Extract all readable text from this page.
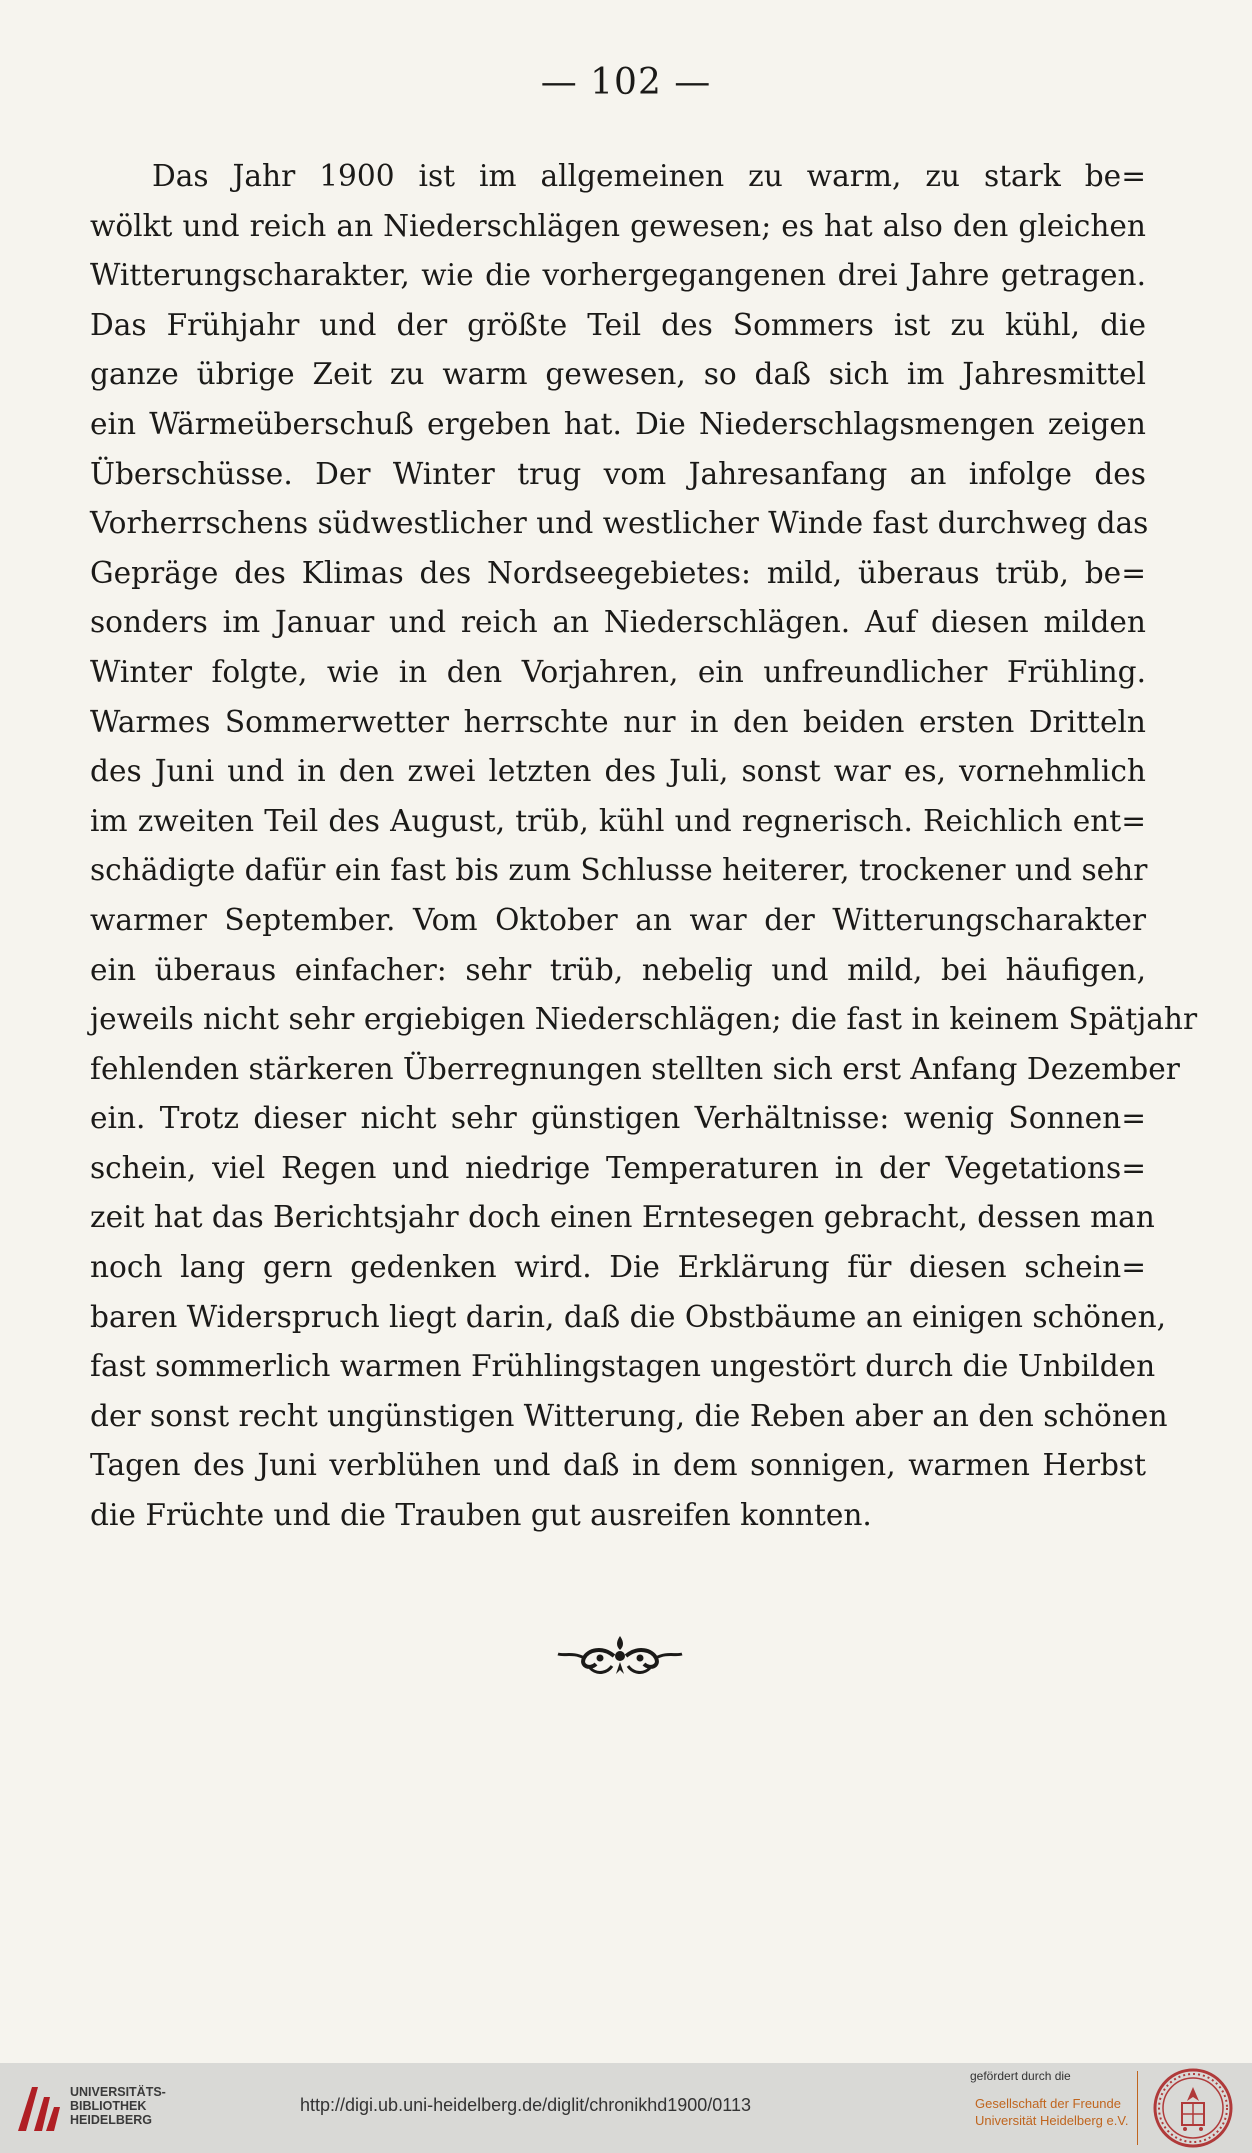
— 102 —
Das Jahr 1900 ist im allgemeinen zu warm, zu stark be=
wölkt und reich an Niederschlägen gewesen; es hat also den gleichen
Witterungscharakter, wie die vorhergegangenen drei Jahre getragen.
Das Frühjahr und der größte Teil des Sommers ist zu kühl, die
ganze übrige Zeit zu warm gewesen, so daß sich im Jahresmittel
ein Wärmeüberschuß ergeben hat. Die Niederschlagsmengen zeigen
Überschüsse. Der Winter trug vom Jahresanfang an infolge des
Vorherrschens südwestlicher und westlicher Winde fast durchweg das
Gepräge des Klimas des Nordseegebietes: mild, überaus trüb, be=
sonders im Januar und reich an Niederschlägen. Auf diesen milden
Winter folgte, wie in den Vorjahren, ein unfreundlicher Frühling.
Warmes Sommerwetter herrschte nur in den beiden ersten Dritteln
des Juni und in den zwei letzten des Juli, sonst war es, vornehmlich
im zweiten Teil des August, trüb, kühl und regnerisch. Reichlich ent=
schädigte dafür ein fast bis zum Schlusse heiterer, trockener und sehr
warmer September. Vom Oktober an war der Witterungscharakter
ein überaus einfacher: sehr trüb, nebelig und mild, bei häufigen,
jeweils nicht sehr ergiebigen Niederschlägen; die fast in keinem Spätjahr
fehlenden stärkeren Überregnungen stellten sich erst Anfang Dezember
ein. Trotz dieser nicht sehr günstigen Verhältnisse: wenig Sonnen=
schein, viel Regen und niedrige Temperaturen in der Vegetations=
zeit hat das Berichtsjahr doch einen Erntesegen gebracht, dessen man
noch lang gern gedenken wird. Die Erklärung für diesen schein=
baren Widerspruch liegt darin, daß die Obstbäume an einigen schönen,
fast sommerlich warmen Frühlingstagen ungestört durch die Unbilden
der sonst recht ungünstigen Witterung, die Reben aber an den schönen
Tagen des Juni verblühen und daß in dem sonnigen, warmen Herbst
die Früchte und die Trauben gut ausreifen konnten.
UNIVERSITÄTS-
BIBLIOTHEK
HEIDELBERG
http://digi.ub.uni-heidelberg.de/diglit/chronikhd1900/0113
gefördert durch die
Gesellschaft der Freunde
Universität Heidelberg e.V.
